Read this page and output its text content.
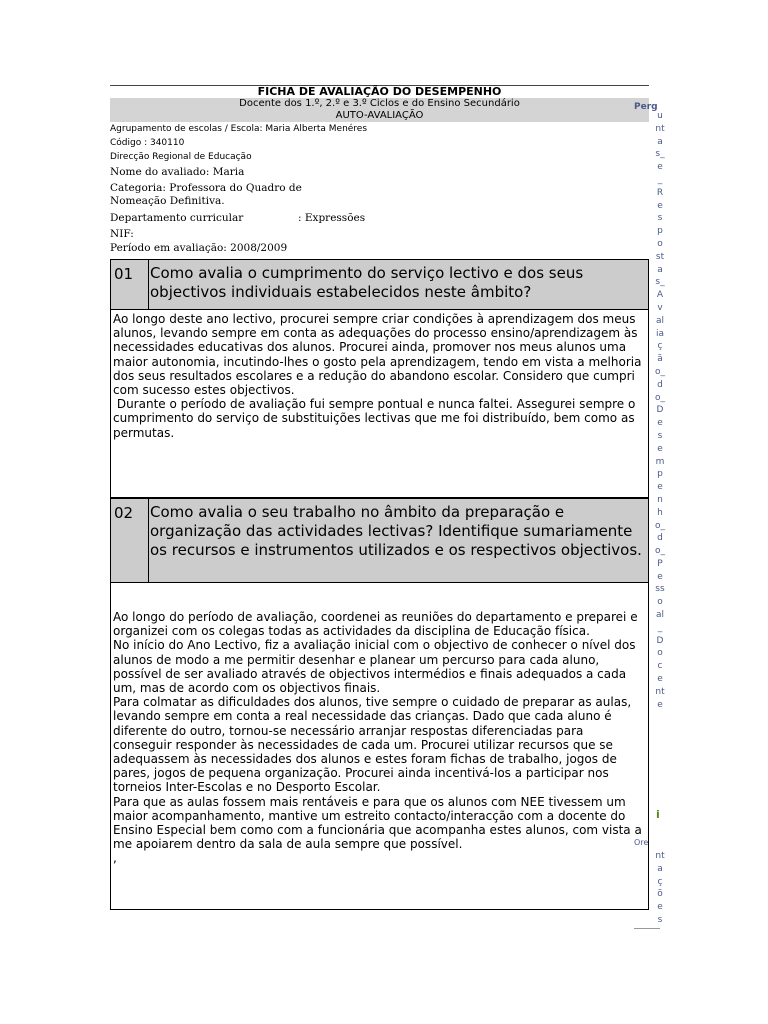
FICHA DE AVALIAÇÃO DO DESEMPENHO
Docente dos 1.º, 2.º e 3.º Ciclos e do Ensino Secundário
AUTO-AVALIAÇÃO
Agrupamento de escolas / Escola: Maria Alberta Menéres
Código : 340110
Direcção Regional de Educação
Nome do avaliado: Maria
Categoria: Professora do Quadro de
Nomeação Definitiva.
Departamento curricular	: Expressões
NIF:
Período em avaliação: 2008/2009
01	Como avalia o cumprimento do serviço lectivo e dos seus objectivos individuais estabelecidos neste âmbito?

Ao longo deste ano lectivo, procurei sempre criar condições à aprendizagem dos meus alunos, levando sempre em conta as adequações do processo ensino/aprendizagem às necessidades educativas dos alunos. Procurei ainda, promover nos meus alunos uma maior autonomia, incutindo-lhes o gosto pela aprendizagem, tendo em vista a melhoria dos seus resultados escolares e a redução do abandono escolar. Considero que cumpri com sucesso estes objectivos.

Durante o período de avaliação fui sempre pontual e nunca faltei. Assegurei sempre o cumprimento do serviço de substituições lectivas que me foi distribuído, bem como as permutas.

02	Como avalia o seu trabalho no âmbito da preparação e organização das actividades lectivas? Identifique sumariamente os recursos e instrumentos utilizados e os respectivos objectivos.

Ao longo do período de avaliação, coordenei as reuniões do departamento e preparei e organizei com os colegas todas as actividades da disciplina de Educação física.

No início do Ano Lectivo, fiz a avaliação inicial com o objectivo de conhecer o nível dos alunos de modo a me permitir desenhar e planear um percurso para cada aluno, possível de ser avaliado através de objectivos intermédios e finais adequados a cada um, mas de acordo com os objectivos finais.

Para colmatar as dificuldades dos alunos, tive sempre o cuidado de preparar as aulas, levando sempre em conta a real necessidade das crianças. Dado que cada aluno é diferente do outro, tornou-se necessário arranjar respostas diferenciadas para conseguir responder às necessidades de cada um. Procurei utilizar recursos que se adequassem às necessidades dos alunos e estes foram fichas de trabalho, jogos de pares, jogos de pequena organização. Procurei ainda incentivá-los a participar nos torneios Inter-Escolas e no Desporto Escolar.

Para que as aulas fossem mais rentáveis e para que os alunos com NEE tivessem um maior acompanhamento, mantive um estreito contacto/interacção com a docente do Ensino Especial bem como com a funcionária que acompanha estes alunos, com vista a me apoiarem dentro da sala de aula sempre que possível.

,

Perg
untas_e_Respostas_Avaliação_do_Desempenho_do_Pessoal_Docente
i
Ore
ntações
